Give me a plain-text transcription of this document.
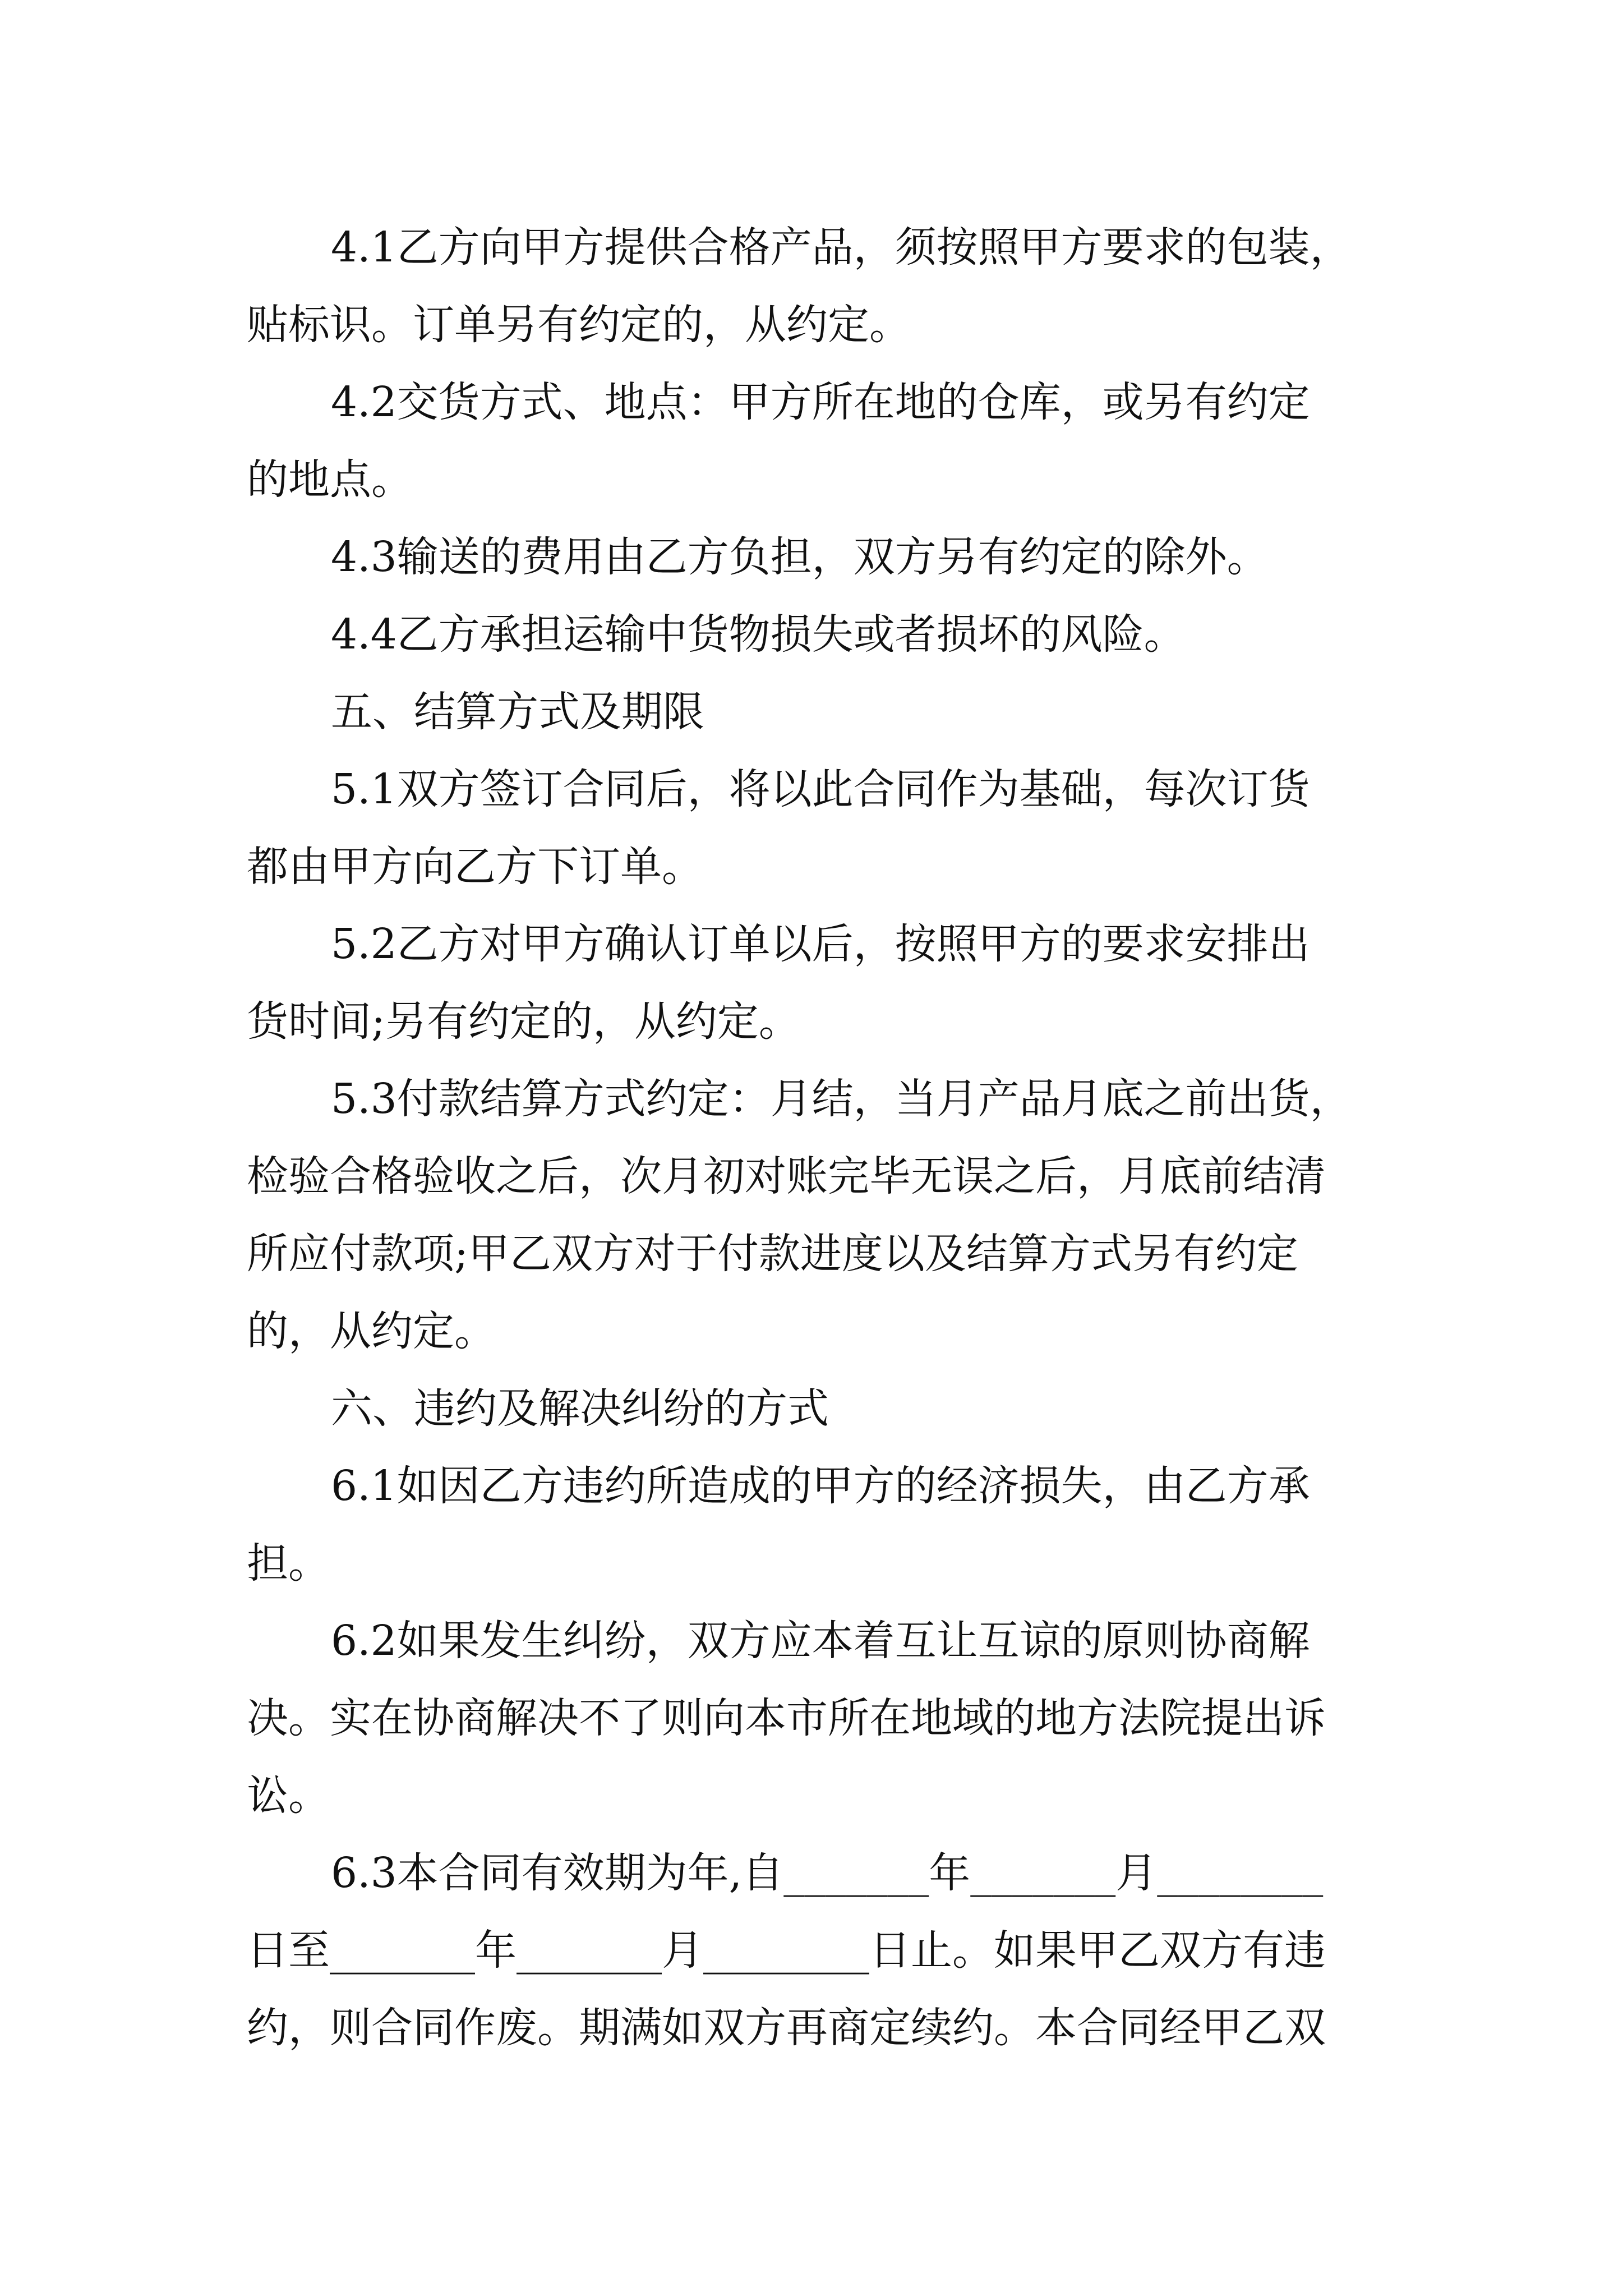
4.1乙方向甲方提供合格产品，须按照甲方要求的包装，
贴标识。订单另有约定的，从约定。
4.2交货方式、地点：甲方所在地的仓库，或另有约定
的地点。
4.3输送的费用由乙方负担，双方另有约定的除外。
4.4乙方承担运输中货物损失或者损坏的风险。
五、结算方式及期限
5.1双方签订合同后，将以此合同作为基础，每次订货
都由甲方向乙方下订单。
5.2乙方对甲方确认订单以后，按照甲方的要求安排出
货时间;另有约定的，从约定。
5.3付款结算方式约定：月结，当月产品月底之前出货，
检验合格验收之后，次月初对账完毕无误之后，月底前结清
所应付款项;甲乙双方对于付款进度以及结算方式另有约定
的，从约定。
六、违约及解决纠纷的方式
6.1如因乙方违约所造成的甲方的经济损失，由乙方承
担。
6.2如果发生纠纷，双方应本着互让互谅的原则协商解
决。实在协商解决不了则向本市所在地域的地方法院提出诉
讼。
6.3本合同有效期为年,自_______年_______月________
日至_______年_______月________日止。如果甲乙双方有违
约，则合同作废。期满如双方再商定续约。本合同经甲乙双
